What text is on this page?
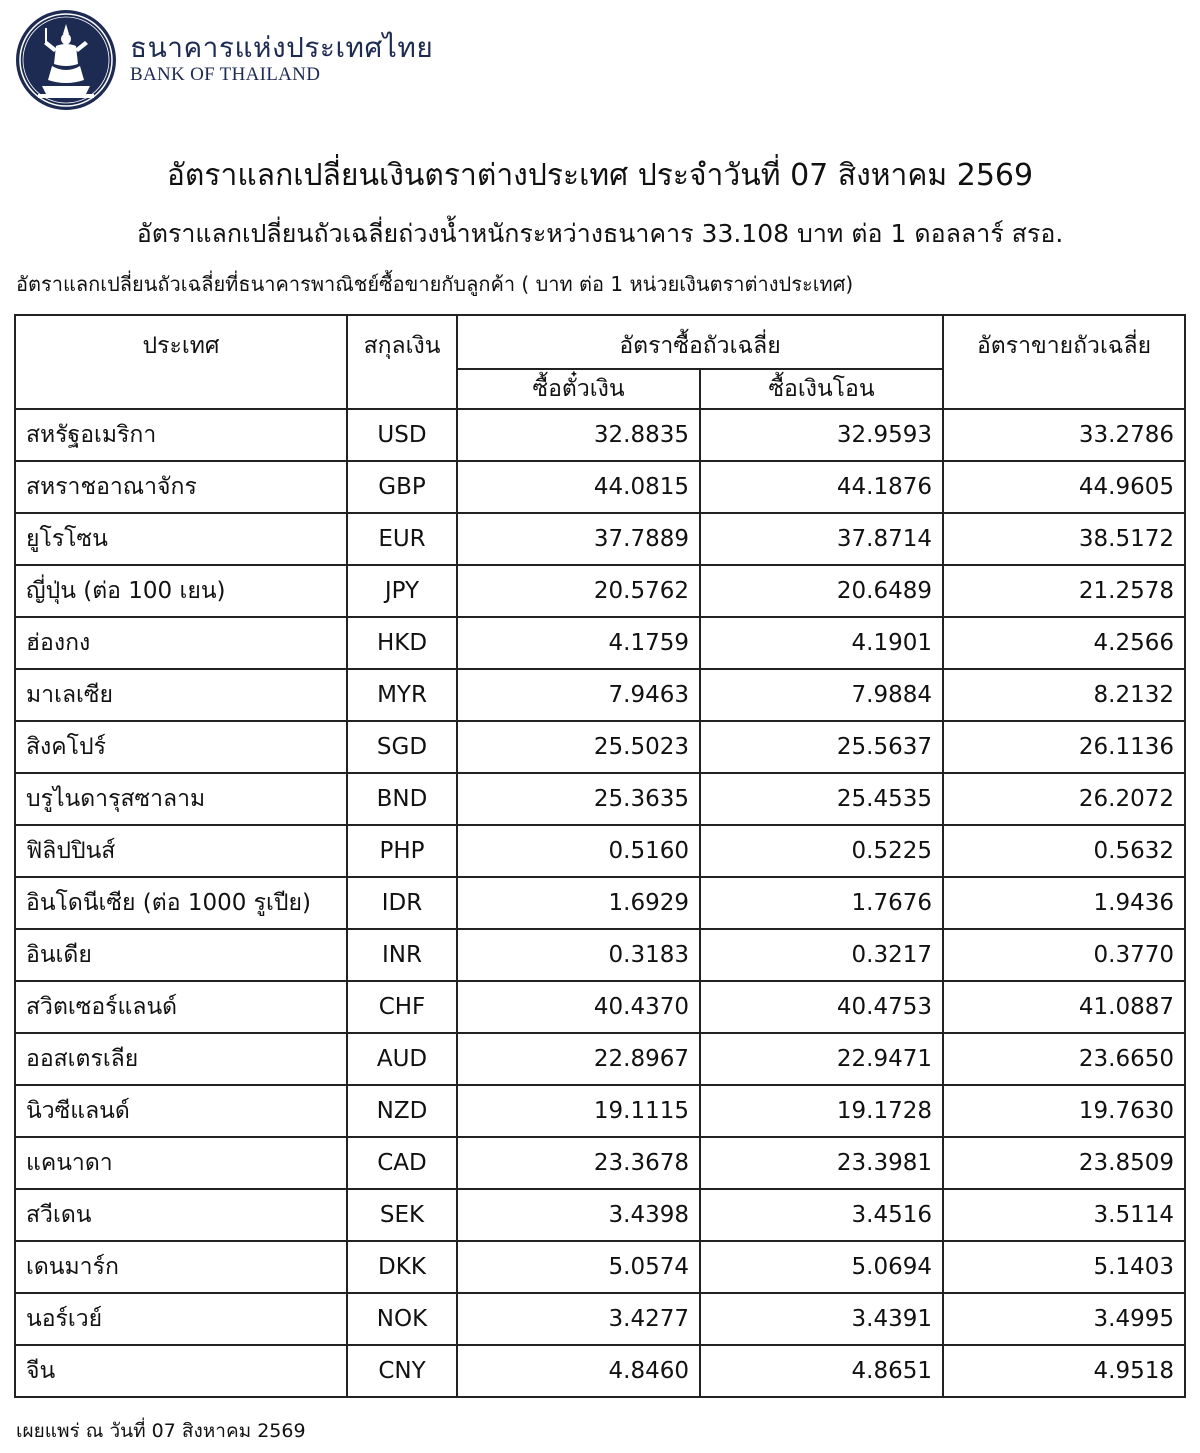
ธนาคารแห่งประเทศไทย
BANK OF THAILAND
อัตราแลกเปลี่ยนเงินตราต่างประเทศ ประจำวันที่ 07 สิงหาคม 2569
อัตราแลกเปลี่ยนถัวเฉลี่ยถ่วงน้ำหนักระหว่างธนาคาร 33.108 บาท ต่อ 1 ดอลลาร์ สรอ.
อัตราแลกเปลี่ยนถัวเฉลี่ยที่ธนาคารพาณิชย์ซื้อขายกับลูกค้า ( บาท ต่อ 1 หน่วยเงินตราต่างประเทศ)
ประเทศ	สกุลเงิน	อัตราซื้อถัวเฉลี่ย		อัตราขายถัวเฉลี่ย
		ซื้อตั๋วเงิน	ซื้อเงินโอน	
สหรัฐอเมริกา	USD	32.8835	32.9593	33.2786
สหราชอาณาจักร	GBP	44.0815	44.1876	44.9605
ยูโรโซน	EUR	37.7889	37.8714	38.5172
ญี่ปุ่น (ต่อ 100 เยน)	JPY	20.5762	20.6489	21.2578
ฮ่องกง	HKD	4.1759	4.1901	4.2566
มาเลเซีย	MYR	7.9463	7.9884	8.2132
สิงคโปร์	SGD	25.5023	25.5637	26.1136
บรูไนดารุสซาลาม	BND	25.3635	25.4535	26.2072
ฟิลิปปินส์	PHP	0.5160	0.5225	0.5632
อินโดนีเซีย (ต่อ 1000 รูเปีย)	IDR	1.6929	1.7676	1.9436
อินเดีย	INR	0.3183	0.3217	0.3770
สวิตเซอร์แลนด์	CHF	40.4370	40.4753	41.0887
ออสเตรเลีย	AUD	22.8967	22.9471	23.6650
นิวซีแลนด์	NZD	19.1115	19.1728	19.7630
แคนาดา	CAD	23.3678	23.3981	23.8509
สวีเดน	SEK	3.4398	3.4516	3.5114
เดนมาร์ก	DKK	5.0574	5.0694	5.1403
นอร์เวย์	NOK	3.4277	3.4391	3.4995
จีน	CNY	4.8460	4.8651	4.9518
เผยแพร่ ณ วันที่ 07 สิงหาคม 2569
